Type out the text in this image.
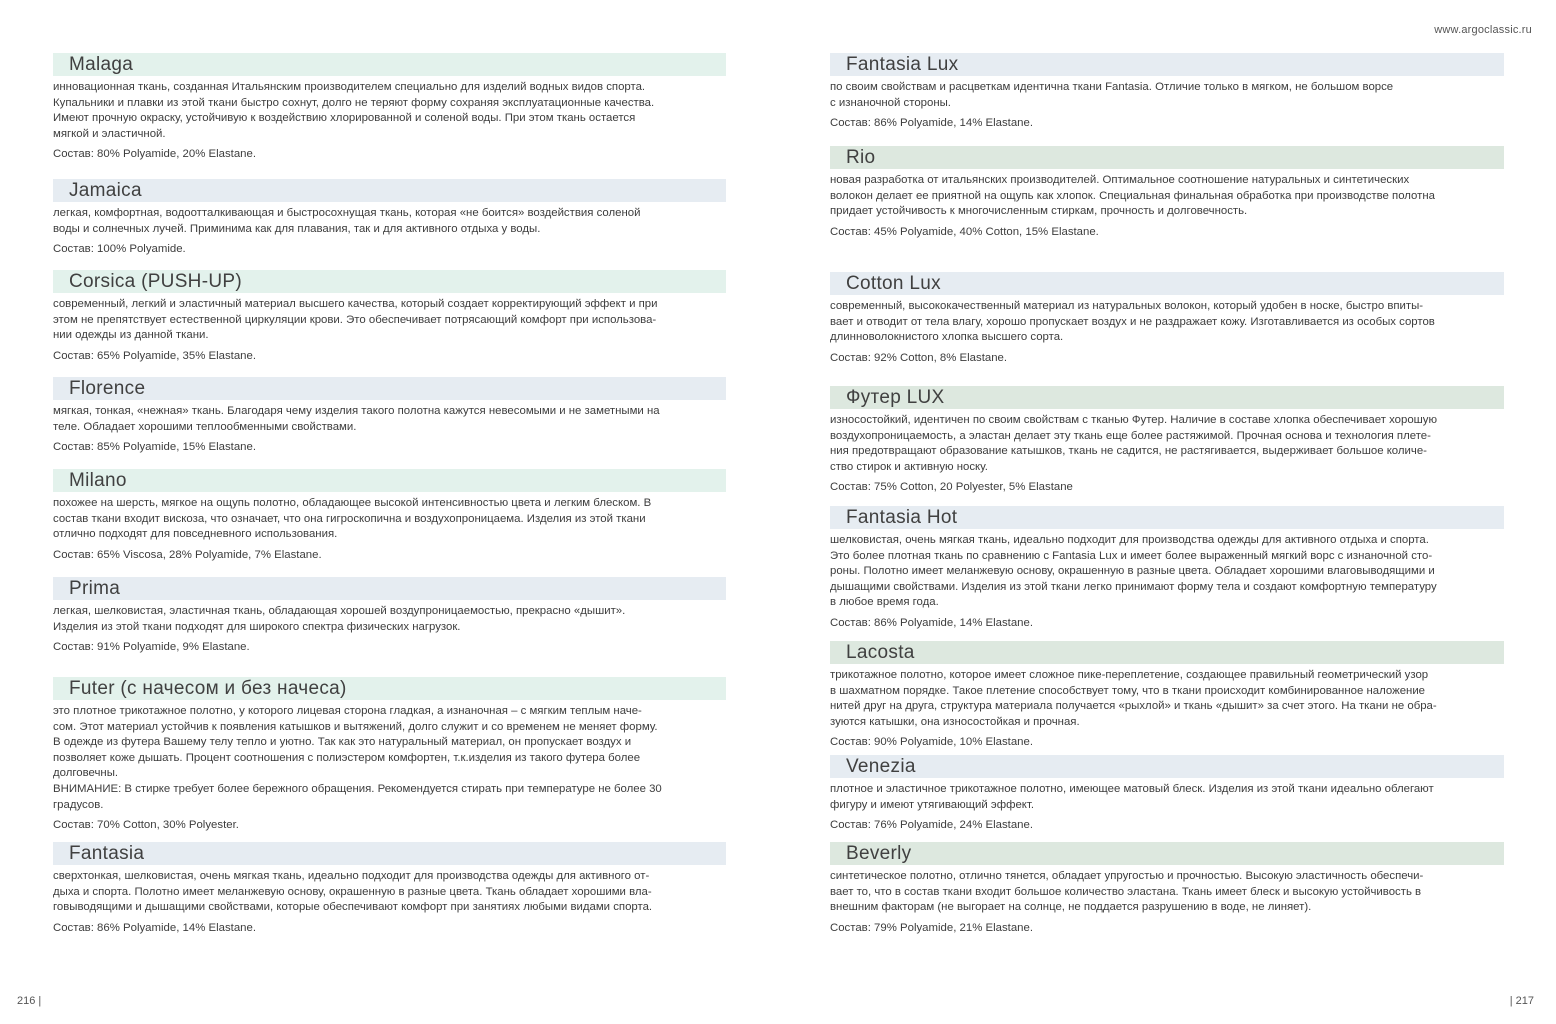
www.argoclassic.ru
Malaga

инновационная ткань, созданная Итальянским производителем специально для изделий водных видов спорта.
Купальники и плавки из этой ткани быстро сохнут, долго не теряют форму сохраняя эксплуатационные качества.
Имеют прочную окраску, устойчивую к воздействию хлорированной и соленой воды. При этом ткань остается
мягкой и эластичной.

Состав: 80% Polyamide, 20% Elastane.

Jamaica

легкая, комфортная, водоотталкивающая и быстросохнущая ткань, которая «не боится» воздействия соленой
воды и солнечных лучей. Приминима как для плавания, так и для активного отдыха у воды.

Состав: 100% Polyamide.

Corsica (PUSH-UP)

современный, легкий и эластичный материал высшего качества, который создает корректирующий эффект и при
этом не препятствует естественной циркуляции крови. Это обеспечивает потрясающий комфорт при использова-
нии одежды из данной ткани.

Состав: 65% Polyamide, 35% Elastane.

Florence

мягкая, тонкая, «нежная» ткань. Благодаря чему изделия такого полотна кажутся невесомыми и не заметными на
теле. Обладает хорошими теплообменными свойствами.

Состав: 85% Polyamide, 15% Elastane.

Milano

похожее на шерсть, мягкое на ощупь полотно, обладающее высокой интенсивностью цвета и легким блеском. В
состав ткани входит вискоза, что означает, что она гигроскопична и воздухопроницаема. Изделия из этой ткани
отлично подходят для повседневного использования.

Состав: 65% Viscosa, 28% Polyamide, 7% Elastane.

Prima

легкая, шелковистая, эластичная ткань, обладающая хорошей воздупроницаемостью, прекрасно «дышит».
Изделия из этой ткани подходят для широкого спектра физических нагрузок.

Состав: 91% Polyamide, 9% Elastane.

Futer (с начесом и без начеса)

это плотное трикотажное полотно, у которого лицевая сторона гладкая, а изнаночная – с мягким теплым наче-
сом. Этот материал устойчив к появления катышков и вытяжений, долго служит и со временем не меняет форму.
В одежде из футера Вашему телу тепло и уютно. Так как это натуральный материал, он пропускает воздух и
позволяет коже дышать. Процент соотношения с полиэстером комфортен, т.к.изделия из такого футера более
долговечны.
ВНИМАНИЕ: В стирке требует более бережного обращения. Рекомендуется стирать при температуре не более 30
градусов.

Состав: 70% Cotton, 30% Polyester.

Fantasia

сверхтонкая, шелковистая, очень мягкая ткань, идеально подходит для производства одежды для активного от-
дыха и спорта. Полотно имеет меланжевую основу, окрашенную в разные цвета. Ткань обладает хорошими вла-
говыводящими и дышащими свойствами, которые обеспечивают комфорт при занятиях любыми видами спорта.

Состав: 86% Polyamide, 14% Elastane.

Fantasia Lux

по своим свойствам и расцветкам идентична ткани Fantasia. Отличие только в мягком, не большом ворсе
с изнаночной стороны.

Состав: 86% Polyamide, 14% Elastane.

Rio

новая разработка от итальянских производителей. Оптимальное соотношение натуральных и синтетических
волокон делает ее приятной на ощупь как хлопок. Специальная финальная обработка при производстве полотна
придает устойчивость к многочисленным стиркам, прочность и долговечность.

Состав: 45% Polyamide, 40% Cotton, 15% Elastane.

Cotton Lux

современный, высококачественный материал из натуральных волокон, который удобен в носке, быстро впиты-
вает и отводит от тела влагу, хорошо пропускает воздух и не раздражает кожу. Изготавливается из особых сортов
длинноволокнистого хлопка высшего сорта.

Состав: 92% Cotton, 8% Elastane.

Футер LUX

износостойкий, идентичен по своим свойствам с тканью Футер. Наличие в составе хлопка обеспечивает хорошую
воздухопроницаемость, а эластан делает эту ткань еще более растяжимой. Прочная основа и технология плете-
ния предотвращают образование катышков, ткань не садится, не растягивается, выдерживает большое количе-
ство стирок и активную носку.

Состав: 75% Cotton, 20 Polyester, 5% Elastane

Fantasia Hot

шелковистая, очень мягкая ткань, идеально подходит для производства одежды для активного отдыха и спорта.
Это более плотная ткань по сравнению с Fantasia Lux и имеет более выраженный мягкий ворс с изнаночной сто-
роны. Полотно имеет меланжевую основу, окрашенную в разные цвета. Обладает хорошими влаговыводящими и
дышащими свойствами. Изделия из этой ткани легко принимают форму тела и создают комфортную температуру
в любое время года.

Состав: 86% Polyamide, 14% Elastane.

Lacosta

трикотажное полотно, которое имеет сложное пике-переплетение, создающее правильный геометрический узор
в шахматном порядке. Такое плетение способствует тому, что в ткани происходит комбинированное наложение
нитей друг на друга, структура материала получается «рыхлой» и ткань «дышит» за счет этого. На ткани не обра-
зуются катышки, она износостойкая и прочная.

Состав: 90% Polyamide, 10% Elastane.

Venezia

плотное и эластичное трикотажное полотно, имеющее матовый блеск. Изделия из этой ткани идеально облегают
фигуру и имеют утягивающий эффект.

Состав: 76% Polyamide, 24% Elastane.

Beverly

синтетическое полотно, отлично тянется, обладает упругостью и прочностью. Высокую эластичность обеспечи-
вает то, что в состав ткани входит большое количество эластана. Ткань имеет блеск и высокую устойчивость в
внешним факторам (не выгорает на солнце, не поддается разрушению в воде, не линяет).

Состав: 79% Polyamide, 21% Elastane.

216 |	| 217
